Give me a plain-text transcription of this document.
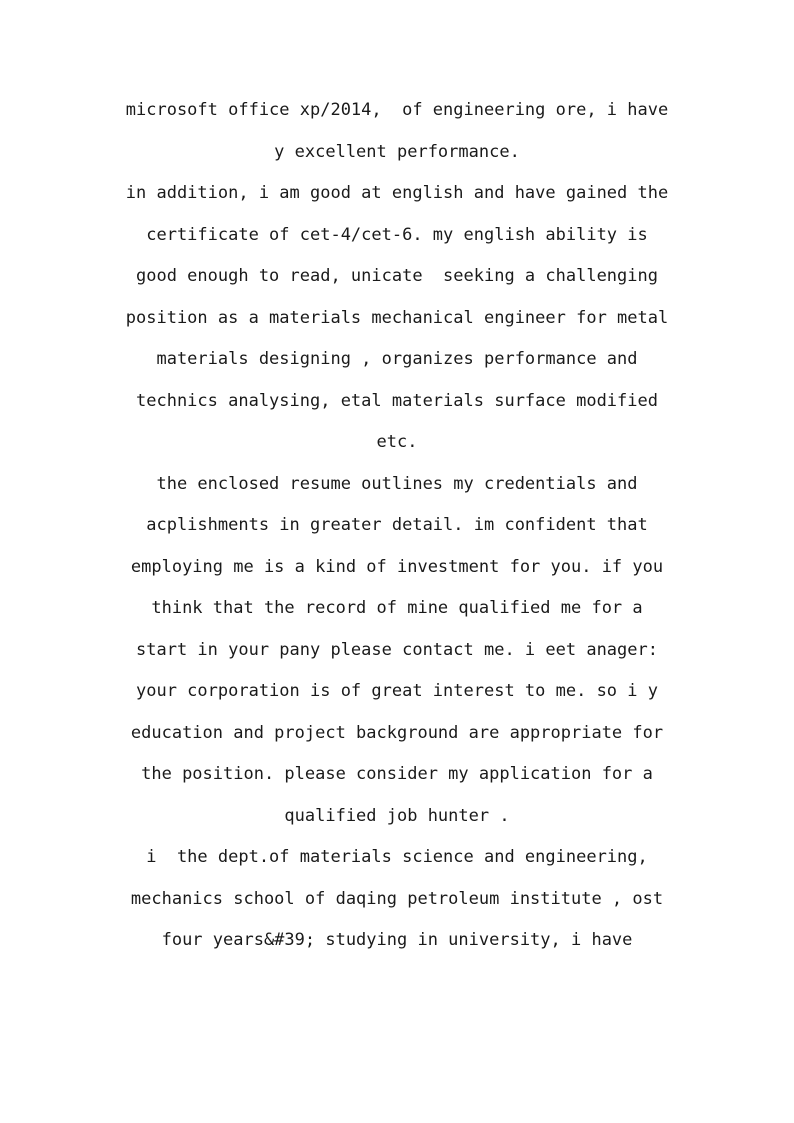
microsoft office xp/2014,  of engineering ore, i have y excellent performance.

in addition, i am good at english and have gained the certificate of cet-4/cet-6. my english ability is good enough to read, unicate  seeking a challenging position as a materials mechanical engineer for metal materials designing , organizes performance and technics analysing, etal materials surface modified etc.

the enclosed resume outlines my credentials and acplishments in greater detail. im confident that employing me is a kind of investment for you. if you think that the record of mine qualified me for a start in your pany please contact me. i eet anager:

your corporation is of great interest to me. so i y education and project background are appropriate for the position. please consider my application for a qualified job hunter .

i  the dept.of materials science and engineering, mechanics school of daqing petroleum institute , ost four years&#39; studying in university, i have
